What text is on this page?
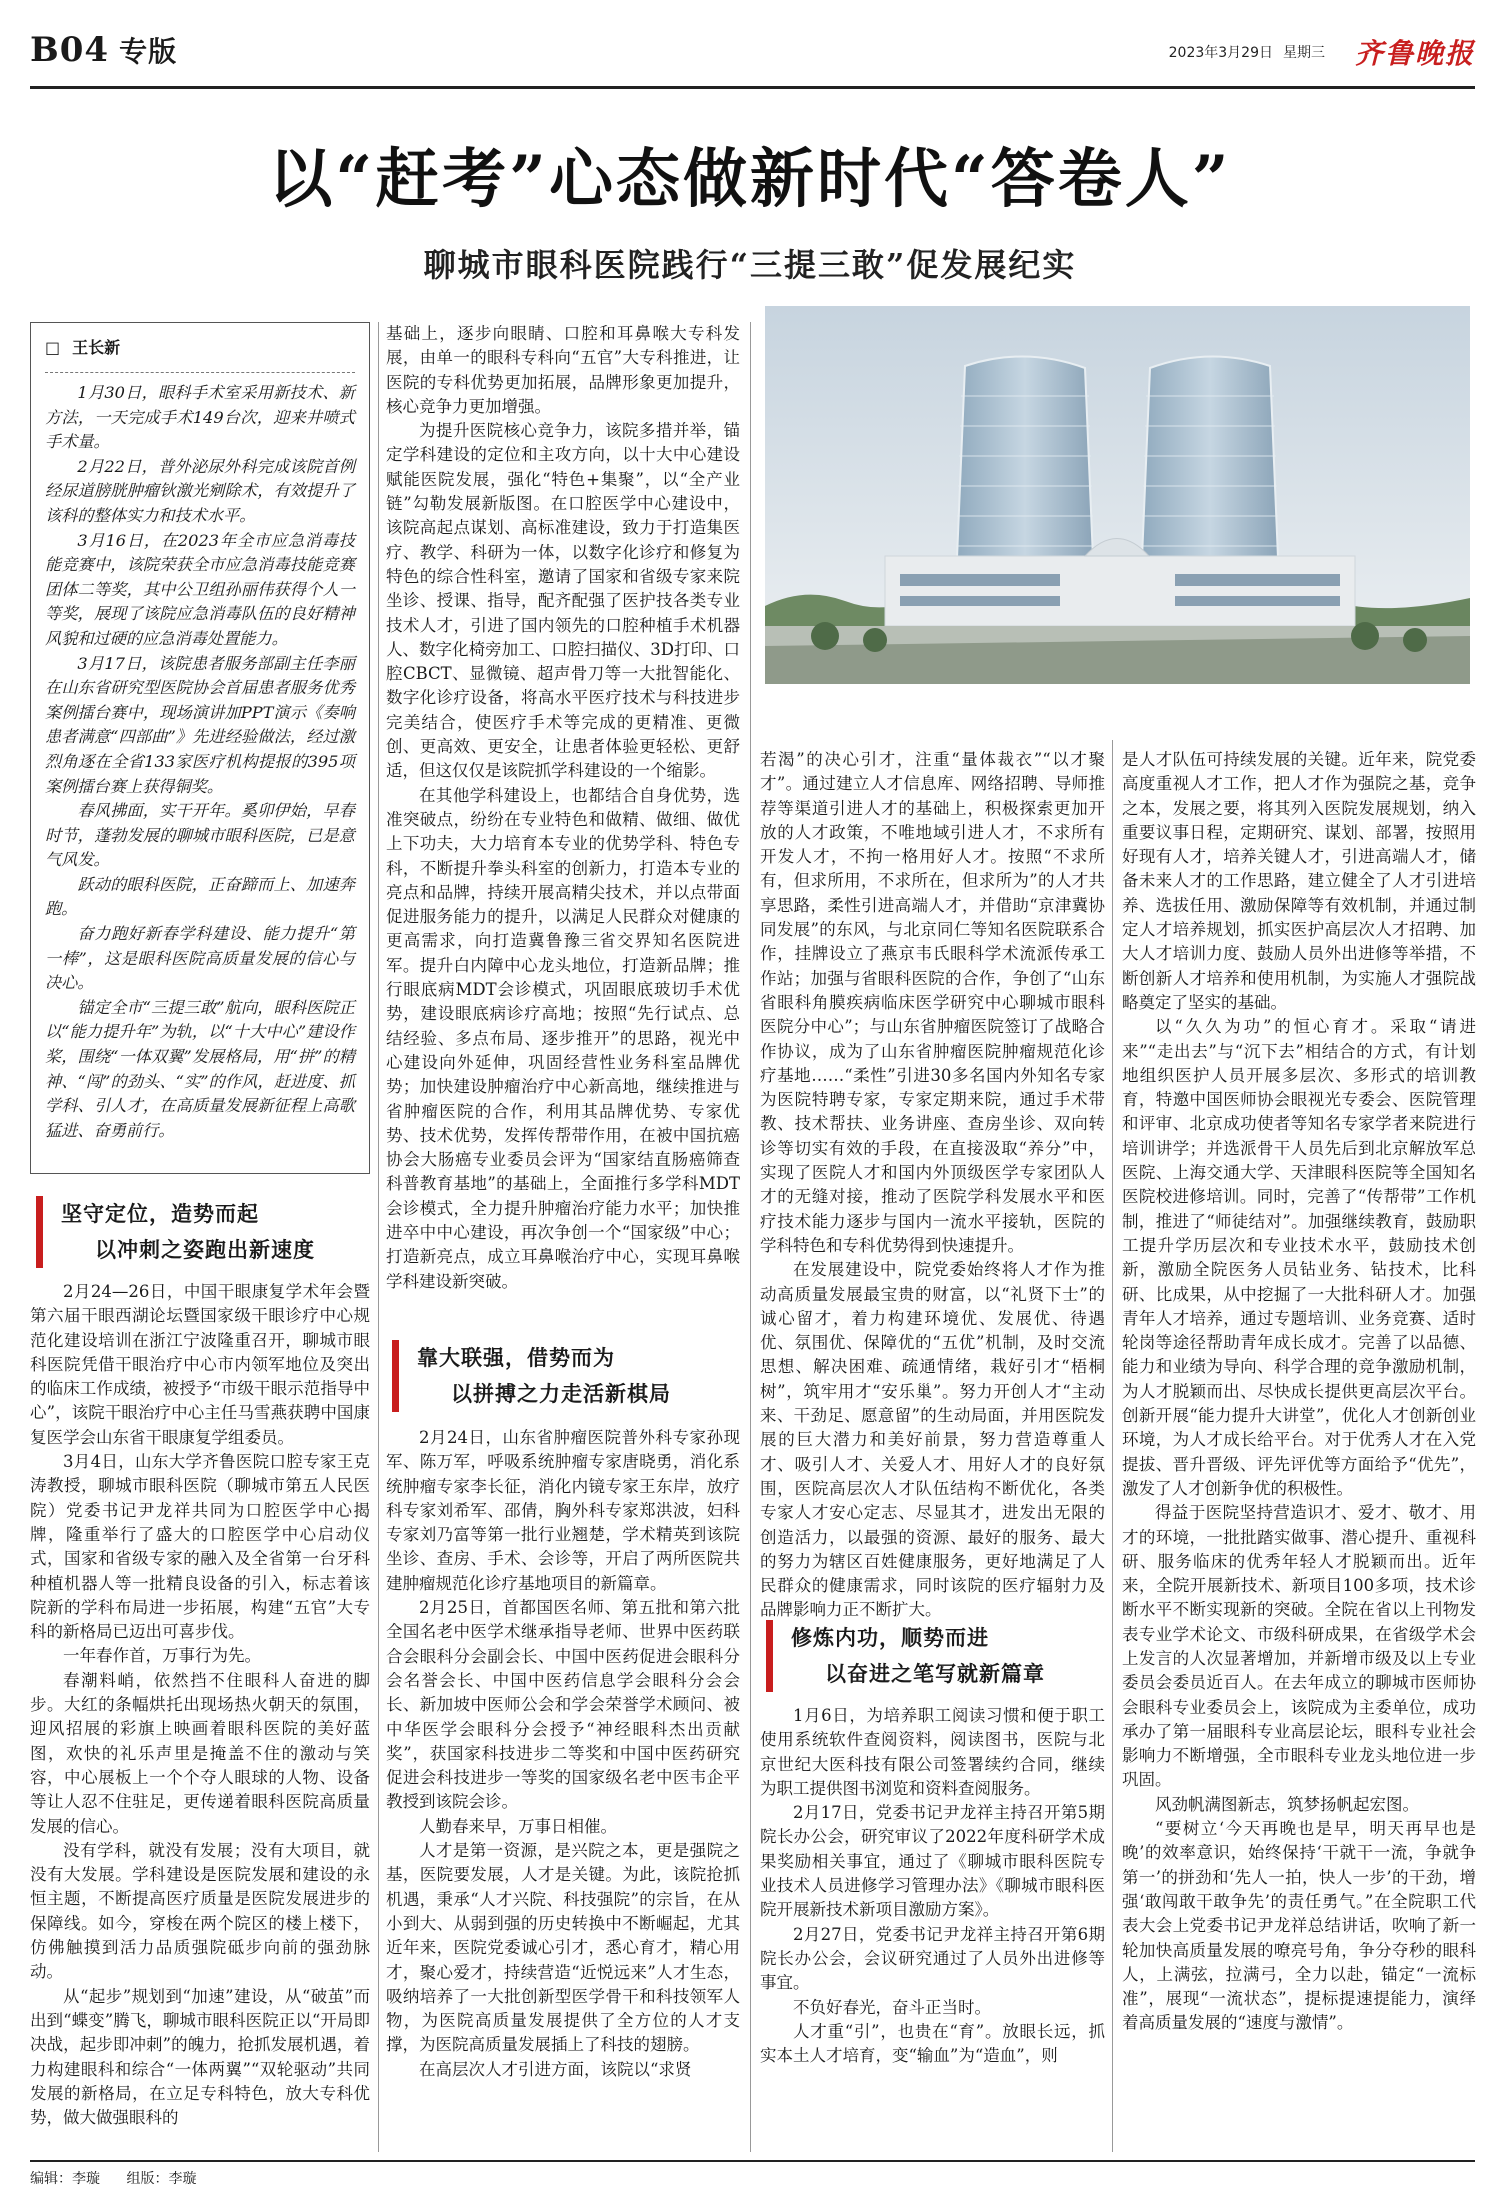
B04 专版	2023年3月29日 星期三 齐鲁晚报
以“赶考”心态做新时代“答卷人”
聊城市眼科医院践行“三提三敢”促发展纪实
□ 王长新

1月30日，眼科手术室采用新技术、新方法，一天完成手术149台次，迎来井喷式手术量。

2月22日，普外泌尿外科完成该院首例经尿道膀胱肿瘤钬激光剜除术，有效提升了该科的整体实力和技术水平。

3月16日，在2023年全市应急消毒技能竞赛中，该院荣获全市应急消毒技能竞赛团体二等奖，其中公卫组孙丽伟获得个人一等奖，展现了该院应急消毒队伍的良好精神风貌和过硬的应急消毒处置能力。

3月17日，该院患者服务部副主任李丽在山东省研究型医院协会首届患者服务优秀案例擂台赛中，现场演讲加PPT演示《奏响患者满意“四部曲”》先进经验做法，经过激烈角逐在全省133家医疗机构提报的395项案例擂台赛上获得铜奖。

春风拂面，实干开年。奚卯伊始，早春时节，蓬勃发展的聊城市眼科医院，已是意气风发。

跃动的眼科医院，正奋蹄而上、加速奔跑。

奋力跑好新春学科建设、能力提升“第一棒”，这是眼科医院高质量发展的信心与决心。

锚定全市“三提三敢”航向，眼科医院正以“能力提升年”为轨，以“十大中心”建设作桨，围绕“一体双翼”发展格局，用“拼”的精神、“闯”的劲头、“实”的作风，赶进度、抓学科、引人才，在高质量发展新征程上高歌猛进、奋勇前行。

坚守定位，造势而起
以冲刺之姿跑出新速度

2月24—26日，中国干眼康复学术年会暨第六届干眼西湖论坛暨国家级干眼诊疗中心规范化建设培训在浙江宁波隆重召开，聊城市眼科医院凭借干眼治疗中心市内领军地位及突出的临床工作成绩，被授予“市级干眼示范指导中心”，该院干眼治疗中心主任马雪燕获聘中国康复医学会山东省干眼康复学组委员。

3月4日，山东大学齐鲁医院口腔专家王克涛教授，聊城市眼科医院（聊城市第五人民医院）党委书记尹龙祥共同为口腔医学中心揭牌，隆重举行了盛大的口腔医学中心启动仪式，国家和省级专家的融入及全省第一台牙科种植机器人等一批精良设备的引入，标志着该院新的学科布局进一步拓展，构建“五官”大专科的新格局已迈出可喜步伐。

一年春作首，万事行为先。

春潮料峭，依然挡不住眼科人奋进的脚步。大红的条幅烘托出现场热火朝天的氛围，迎风招展的彩旗上映画着眼科医院的美好蓝图，欢快的礼乐声里是掩盖不住的激动与笑容，中心展板上一个个夺人眼球的人物、设备等让人忍不住驻足，更传递着眼科医院高质量发展的信心。

没有学科，就没有发展；没有大项目，就没有大发展。学科建设是医院发展和建设的永恒主题，不断提高医疗质量是医院发展进步的保障线。如今，穿梭在两个院区的楼上楼下，仿佛触摸到活力品质强院砥步向前的强劲脉动。

从“起步”规划到“加速”建设，从“破茧”而出到“蝶变”腾飞，聊城市眼科医院正以“开局即决战，起步即冲刺”的魄力，抢抓发展机遇，着力构建眼科和综合“一体两翼”“双轮驱动”共同发展的新格局，在立足专科特色，放大专科优势，做大做强眼科的

基础上，逐步向眼睛、口腔和耳鼻喉大专科发展，由单一的眼科专科向“五官”大专科推进，让医院的专科优势更加拓展，品牌形象更加提升，核心竞争力更加增强。

为提升医院核心竞争力，该院多措并举，锚定学科建设的定位和主攻方向，以十大中心建设赋能医院发展，强化“特色+集聚”，以“全产业链”勾勒发展新版图。在口腔医学中心建设中，该院高起点谋划、高标准建设，致力于打造集医疗、教学、科研为一体，以数字化诊疗和修复为特色的综合性科室，邀请了国家和省级专家来院坐诊、授课、指导，配齐配强了医护技各类专业技术人才，引进了国内领先的口腔种植手术机器人、数字化椅旁加工、口腔扫描仪、3D打印、口腔CBCT、显微镜、超声骨刀等一大批智能化、数字化诊疗设备，将高水平医疗技术与科技进步完美结合，使医疗手术等完成的更精准、更微创、更高效、更安全，让患者体验更轻松、更舒适，但这仅仅是该院抓学科建设的一个缩影。

在其他学科建设上，也都结合自身优势，选准突破点，纷纷在专业特色和做精、做细、做优上下功夫，大力培育本专业的优势学科、特色专科，不断提升拳头科室的创新力，打造本专业的亮点和品牌，持续开展高精尖技术，并以点带面促进服务能力的提升，以满足人民群众对健康的更高需求，向打造冀鲁豫三省交界知名医院进军。提升白内障中心龙头地位，打造新品牌；推行眼底病MDT会诊模式，巩固眼底玻切手术优势，建设眼底病诊疗高地；按照“先行试点、总结经验、多点布局、逐步推开”的思路，视光中心建设向外延伸，巩固经营性业务科室品牌优势；加快建设肿瘤治疗中心新高地，继续推进与省肿瘤医院的合作，利用其品牌优势、专家优势、技术优势，发挥传帮带作用，在被中国抗癌协会大肠癌专业委员会评为“国家结直肠癌筛查科普教育基地”的基础上，全面推行多学科MDT会诊模式，全力提升肿瘤治疗能力水平；加快推进卒中中心建设，再次争创一个“国家级”中心；打造新亮点，成立耳鼻喉治疗中心，实现耳鼻喉学科建设新突破。

靠大联强，借势而为
以拼搏之力走活新棋局

2月24日，山东省肿瘤医院普外科专家孙现军、陈万军，呼吸系统肿瘤专家唐晓勇，消化系统肿瘤专家李长征，消化内镜专家王东岸，放疗科专家刘希军、邵倩，胸外科专家郑洪波，妇科专家刘乃富等第一批行业翘楚，学术精英到该院坐诊、查房、手术、会诊等，开启了两所医院共建肿瘤规范化诊疗基地项目的新篇章。

2月25日，首都国医名师、第五批和第六批全国名老中医学术继承指导老师、世界中医药联合会眼科分会副会长、中国中医药促进会眼科分会名誉会长、中国中医药信息学会眼科分会会长、新加坡中医师公会和学会荣誉学术顾问、被中华医学会眼科分会授予“神经眼科杰出贡献奖”，获国家科技进步二等奖和中国中医药研究促进会科技进步一等奖的国家级名老中医韦企平教授到该院会诊。

人勤春来早，万事日相催。

人才是第一资源，是兴院之本，更是强院之基，医院要发展，人才是关键。为此，该院抢抓机遇，秉承“人才兴院、科技强院”的宗旨，在从小到大、从弱到强的历史转换中不断崛起，尤其近年来，医院党委诚心引才，悉心育才，精心用才，聚心爱才，持续营造“近悦远来”人才生态，吸纳培养了一大批创新型医学骨干和科技领军人物，为医院高质量发展提供了全方位的人才支撑，为医院高质量发展插上了科技的翅膀。

在高层次人才引进方面，该院以“求贤

若渴”的决心引才，注重“量体裁衣”“以才聚才”。通过建立人才信息库、网络招聘、导师推荐等渠道引进人才的基础上，积极探索更加开放的人才政策，不唯地域引进人才，不求所有开发人才，不拘一格用好人才。按照“不求所有，但求所用，不求所在，但求所为”的人才共享思路，柔性引进高端人才，并借助“京津冀协同发展”的东风，与北京同仁等知名医院联系合作，挂牌设立了燕京韦氏眼科学术流派传承工作站；加强与省眼科医院的合作，争创了“山东省眼科角膜疾病临床医学研究中心聊城市眼科医院分中心”；与山东省肿瘤医院签订了战略合作协议，成为了山东省肿瘤医院肿瘤规范化诊疗基地……“柔性”引进30多名国内外知名专家为医院特聘专家，专家定期来院，通过手术带教、技术帮扶、业务讲座、查房坐诊、双向转诊等切实有效的手段，在直接汲取“养分”中，实现了医院人才和国内外顶级医学专家团队人才的无缝对接，推动了医院学科发展水平和医疗技术能力逐步与国内一流水平接轨，医院的学科特色和专科优势得到快速提升。

在发展建设中，院党委始终将人才作为推动高质量发展最宝贵的财富，以“礼贤下士”的诚心留才，着力构建环境优、发展优、待遇优、氛围优、保障优的“五优”机制，及时交流思想、解决困难、疏通情绪，栽好引才“梧桐树”，筑牢用才“安乐巢”。努力开创人才“主动来、干劲足、愿意留”的生动局面，并用医院发展的巨大潜力和美好前景，努力营造尊重人才、吸引人才、关爱人才、用好人才的良好氛围，医院高层次人才队伍结构不断优化，各类专家人才安心定志、尽显其才，进发出无限的创造活力，以最强的资源、最好的服务、最大的努力为辖区百姓健康服务，更好地满足了人民群众的健康需求，同时该院的医疗辐射力及品牌影响力正不断扩大。

修炼内功，顺势而进
以奋进之笔写就新篇章

1月6日，为培养职工阅读习惯和便于职工使用系统软件查阅资料，阅读图书，医院与北京世纪大医科技有限公司签署续约合同，继续为职工提供图书浏览和资料查阅服务。

2月17日，党委书记尹龙祥主持召开第5期院长办公会，研究审议了2022年度科研学术成果奖励相关事宜，通过了《聊城市眼科医院专业技术人员进修学习管理办法》《聊城市眼科医院开展新技术新项目激励方案》。

2月27日，党委书记尹龙祥主持召开第6期院长办公会，会议研究通过了人员外出进修等事宜。

不负好春光，奋斗正当时。

人才重“引”，也贵在“育”。放眼长远，抓实本土人才培育，变“输血”为“造血”，则

是人才队伍可持续发展的关键。近年来，院党委高度重视人才工作，把人才作为强院之基，竞争之本，发展之要，将其列入医院发展规划，纳入重要议事日程，定期研究、谋划、部署，按照用好现有人才，培养关键人才，引进高端人才，储备未来人才的工作思路，建立健全了人才引进培养、选拔任用、激励保障等有效机制，并通过制定人才培养规划，抓实医护高层次人才招聘、加大人才培训力度、鼓励人员外出进修等举措，不断创新人才培养和使用机制，为实施人才强院战略奠定了坚实的基础。

以“久久为功”的恒心育才。采取“请进来”“走出去”与“沉下去”相结合的方式，有计划地组织医护人员开展多层次、多形式的培训教育，特邀中国医师协会眼视光专委会、医院管理和评审、北京成功使者等知名专家学者来院进行培训讲学；并选派骨干人员先后到北京解放军总医院、上海交通大学、天津眼科医院等全国知名医院校进修培训。同时，完善了“传帮带”工作机制，推进了“师徒结对”。加强继续教育，鼓励职工提升学历层次和专业技术水平，鼓励技术创新，激励全院医务人员钻业务、钻技术，比科研、比成果，从中挖掘了一大批科研人才。加强青年人才培养，通过专题培训、业务竞赛、适时轮岗等途径帮助青年成长成才。完善了以品德、能力和业绩为导向、科学合理的竞争激励机制，为人才脱颖而出、尽快成长提供更高层次平台。创新开展“能力提升大讲堂”，优化人才创新创业环境，为人才成长给平台。对于优秀人才在入党提拔、晋升晋级、评先评优等方面给予“优先”，激发了人才创新争优的积极性。

得益于医院坚持营造识才、爱才、敬才、用才的环境，一批批踏实做事、潜心提升、重视科研、服务临床的优秀年轻人才脱颖而出。近年来，全院开展新技术、新项目100多项，技术诊断水平不断实现新的突破。全院在省以上刊物发表专业学术论文、市级科研成果，在省级学术会上发言的人次显著增加，并新增市级及以上专业委员会委员近百人。在去年成立的聊城市医师协会眼科专业委员会上，该院成为主委单位，成功承办了第一届眼科专业高层论坛，眼科专业社会影响力不断增强，全市眼科专业龙头地位进一步巩固。

风劲帆满图新志，筑梦扬帆起宏图。

“要树立‘今天再晚也是早，明天再早也是晚’的效率意识，始终保持‘干就干一流，争就争第一’的拼劲和‘先人一拍，快人一步’的干劲，增强‘敢闯敢干敢争先’的责任勇气。”在全院职工代表大会上党委书记尹龙祥总结讲话，吹响了新一轮加快高质量发展的嘹亮号角，争分夺秒的眼科人，上满弦，拉满弓，全力以赴，锚定“一流标准”，展现“一流状态”，提标提速提能力，演绎着高质量发展的“速度与激情”。

编辑：李璇 组版：李璇
